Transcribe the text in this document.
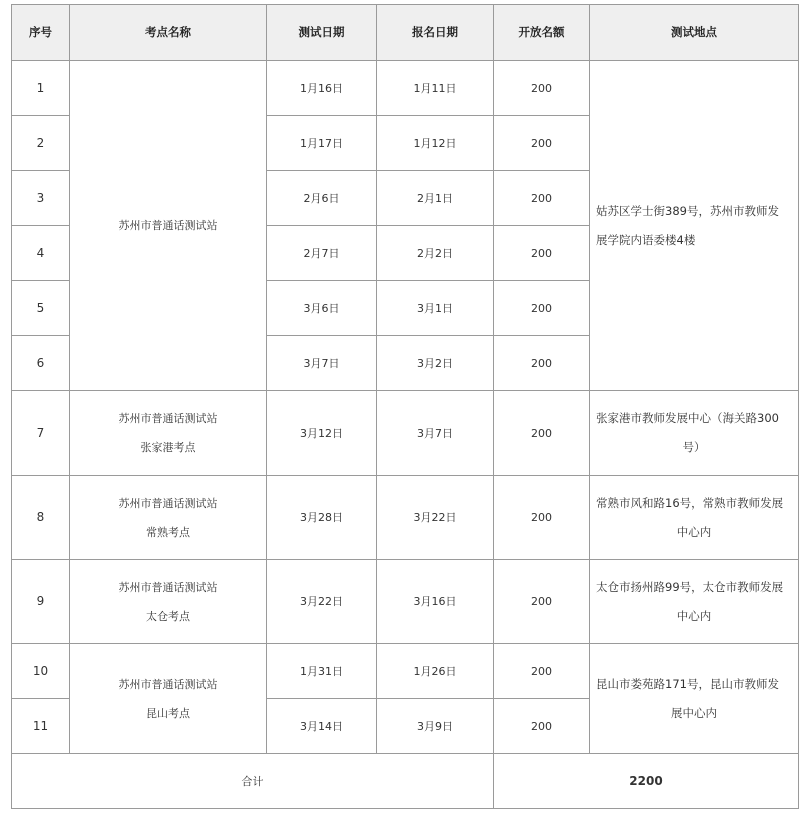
序号	考点名称	测试日期	报名日期	开放名额	测试地点
1	苏州市普通话测试站	1月16日	1月11日	200	姑苏区学士街389号，苏州市教师发
展学院内语委楼4楼

2		1月17日	1月12日	200	
3		2月6日	2月1日	200	
4		2月7日	2月2日	200	
5		3月6日	3月1日	200	
6		3月7日	3月2日	200	
7	苏州市普通话测试站
张家港考点	3月12日	3月7日	200	张家港市教师发展中心（海关路300
号）

8	苏州市普通话测试站
常熟考点	3月28日	3月22日	200	常熟市风和路16号，常熟市教师发展
中心内

9	苏州市普通话测试站
太仓考点	3月22日	3月16日	200	太仓市扬州路99号，太仓市教师发展
中心内

10	苏州市普通话测试站
昆山考点	1月31日	1月26日	200	昆山市娄苑路171号，昆山市教师发
展中心内

11		3月14日	3月9日	200	
合计				2200	
